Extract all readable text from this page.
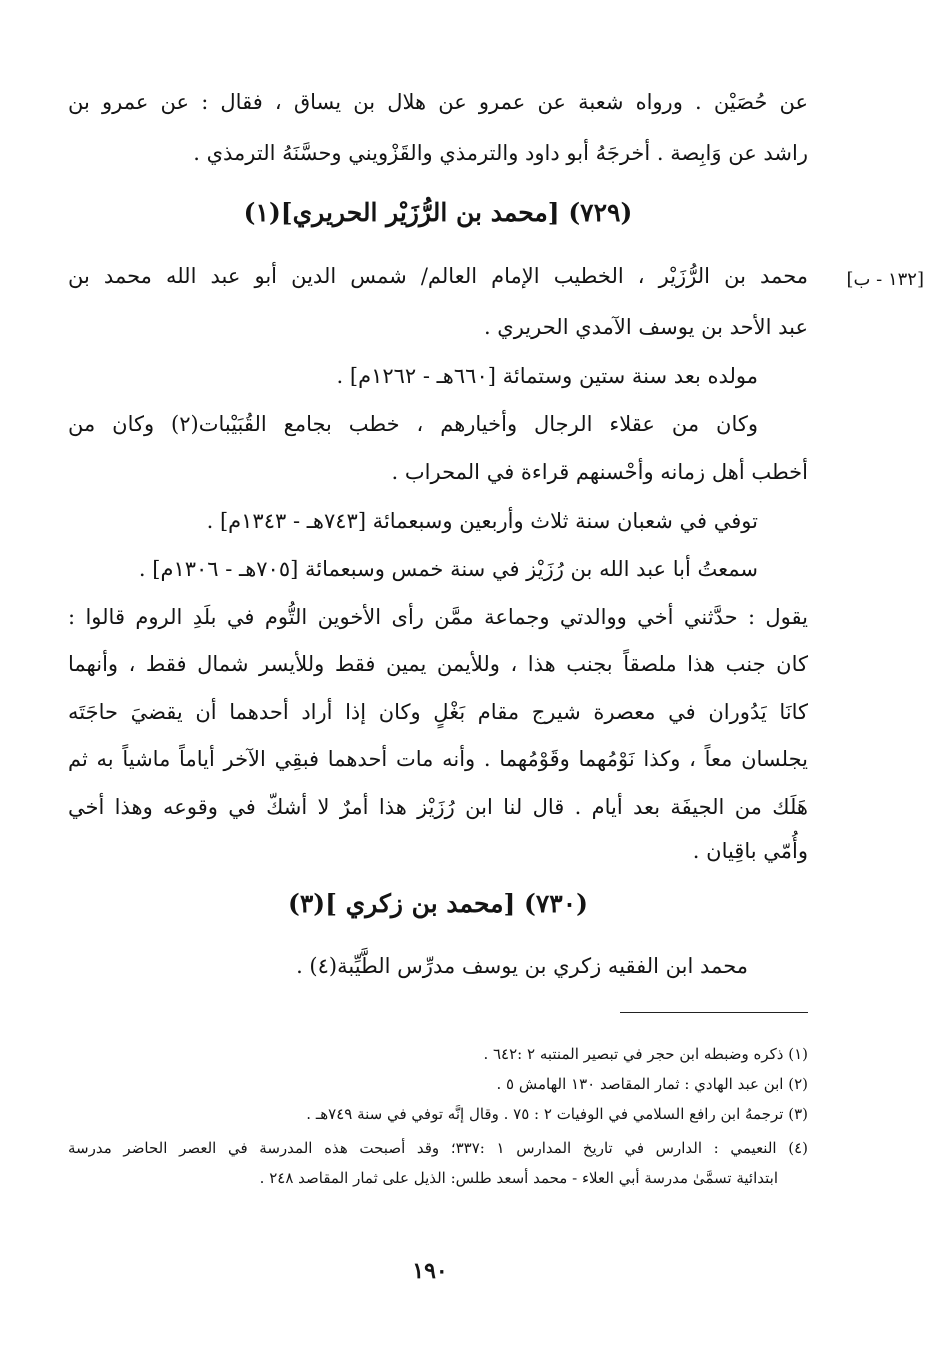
عن حُصَيْن . ورواه شعبة عن عمرو عن هلال بن يساق ، فقال : عن عمرو بن
راشد عن وَابِصة . أخرجَهُ أبو داود والترمذي والقَزْويني وحسَّنَهُ الترمذي .
(٧٢٩) [محمد بن الرُّزَيْر الحريري](١)
[١٣٢ - ب]
محمد بن الرُّزَيْر ، الخطيب الإمام العالم/ شمس الدين أبو عبد الله محمد بن
عبد الأحد بن يوسف الآمدي الحريري .
مولده بعد سنة ستين وستمائة [٦٦٠هـ - ١٢٦٢م] .
وكان من عقلاء الرجال وأخيارهم ، خطب بجامع القُبَيْبات(٢) وكان من
أخطب أهل زمانه وأحْسنهم قراءة في المحراب .
توفي في شعبان سنة ثلاث وأربعين وسبعمائة [٧٤٣هـ - ١٣٤٣م] .
سمعتُ أبا عبد الله بن رُزَيْز في سنة خمس وسبعمائة [٧٠٥هـ - ١٣٠٦م] .
يقول : حدَّثني أخي ووالدتي وجماعة ممَّن رأى الأخوين التُّوم في بلَدِ الروم قالوا :
كان جنب هذا ملصقاً بجنب هذا ، وللأيمن يمين فقط وللأيسر شمال فقط ، وأنهما
كانَا يَدُوران في معصرة شيرج مقام بَغْلٍ وكان إذا أراد أحدهما أن يقضيَ حاجَتَه
يجلسان معاً ، وكذا نَوْمُهما وقَوْمُهما . وأنه مات أحدهما فبقِي الآخر أياماً ماشياً به ثم
هَلَك من الجيفَة بعد أيام . قال لنا ابن رُزَيْز هذا أمرٌ لا أشكّ في وقوعه وهذا أخي
وأُمّي باقِيان .
(٧٣٠) [محمد بن زكري ](٣)
محمد ابن الفقيه زكري بن يوسف مدرِّس الطَّيِّبة(٤) .
(١) ذكره وضبطه ابن حجر في تبصير المنتبه ٢ :٦٤٢ .
(٢) ابن عبد الهادي : ثمار المقاصد ١٣٠ الهامش ٥ .
(٣) ترجمهُ ابن رافع السلامي في الوفيات ٢ : ٧٥ . وقال إنَّه توفي في سنة ٧٤٩هـ .
(٤) النعيمي : الدارس في تاريخ المدارس ١ :٣٣٧؛ وقد أصبحت هذه المدرسة في العصر الحاضر مدرسة
ابتدائية تسمَّىٰ مدرسة أبي العلاء - محمد أسعد طلس: الذيل على ثمار المقاصد ٢٤٨ .
١٩٠
